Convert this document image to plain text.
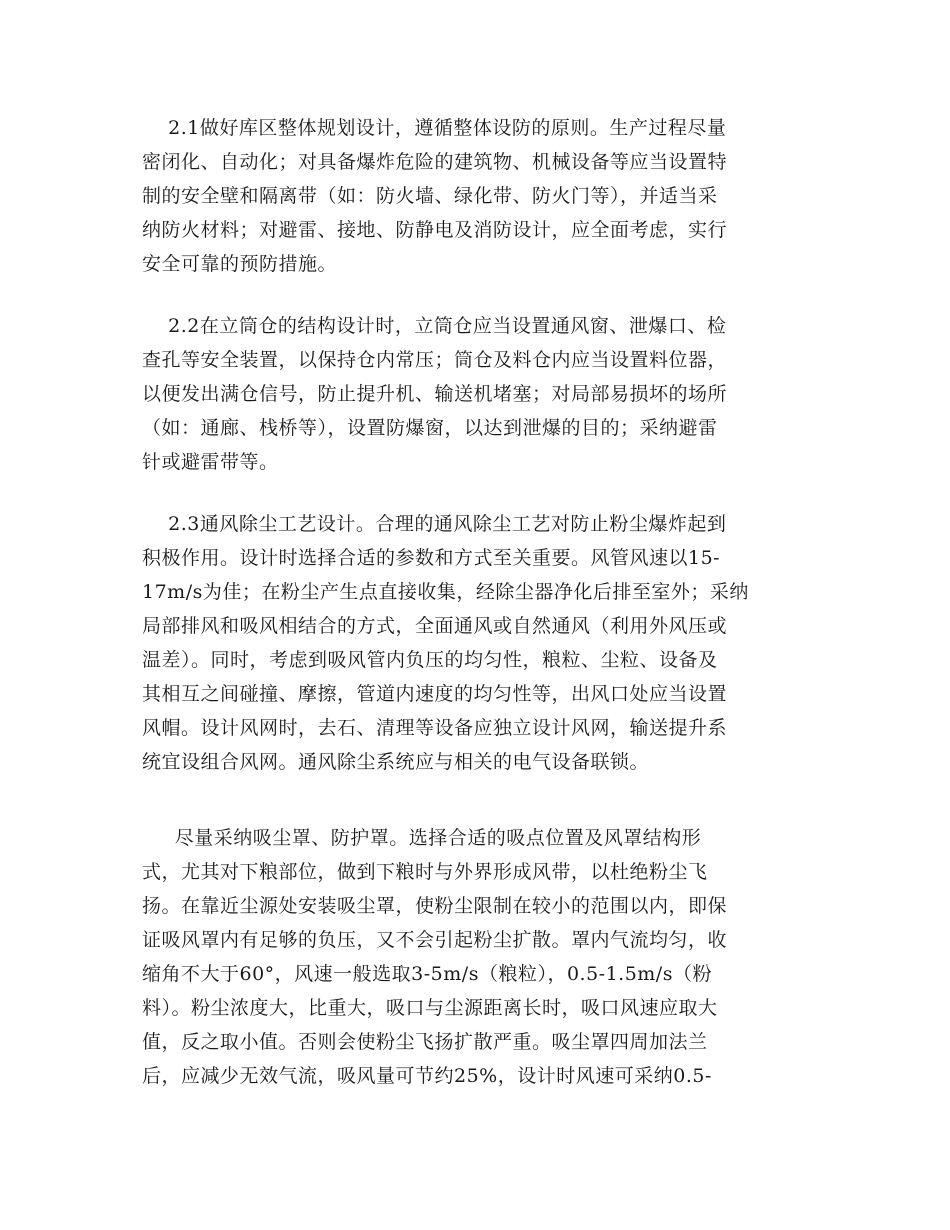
2.1做好库区整体规划设计，遵循整体设防的原则。生产过程尽量

密闭化、自动化；对具备爆炸危险的建筑物、机械设备等应当设置特

制的安全壁和隔离带（如：防火墙、绿化带、防火门等），并适当采

纳防火材料；对避雷、接地、防静电及消防设计，应全面考虑，实行

安全可靠的预防措施。

2.2在立筒仓的结构设计时，立筒仓应当设置通风窗、泄爆口、检

查孔等安全装置，以保持仓内常压；筒仓及料仓内应当设置料位器，

以便发出满仓信号，防止提升机、输送机堵塞；对局部易损坏的场所

（如：通廊、栈桥等），设置防爆窗，以达到泄爆的目的；采纳避雷

针或避雷带等。

2.3通风除尘工艺设计。合理的通风除尘工艺对防止粉尘爆炸起到

积极作用。设计时选择合适的参数和方式至关重要。风管风速以15-

17m/s为佳；在粉尘产生点直接收集，经除尘器净化后排至室外；采纳

局部排风和吸风相结合的方式，全面通风或自然通风（利用外风压或

温差）。同时，考虑到吸风管内负压的均匀性，粮粒、尘粒、设备及

其相互之间碰撞、摩擦，管道内速度的均匀性等，出风口处应当设置

风帽。设计风网时，去石、清理等设备应独立设计风网，输送提升系

统宜设组合风网。通风除尘系统应与相关的电气设备联锁。

尽量采纳吸尘罩、防护罩。选择合适的吸点位置及风罩结构形

式，尤其对下粮部位，做到下粮时与外界形成风带，以杜绝粉尘飞

扬。在靠近尘源处安装吸尘罩，使粉尘限制在较小的范围以内，即保

证吸风罩内有足够的负压，又不会引起粉尘扩散。罩内气流均匀，收

缩角不大于60°，风速一般选取3-5m/s（粮粒），0.5-1.5m/s（粉

料）。粉尘浓度大，比重大，吸口与尘源距离长时，吸口风速应取大

值，反之取小值。否则会使粉尘飞扬扩散严重。吸尘罩四周加法兰

后，应减少无效气流，吸风量可节约25%，设计时风速可采纳0.5-
